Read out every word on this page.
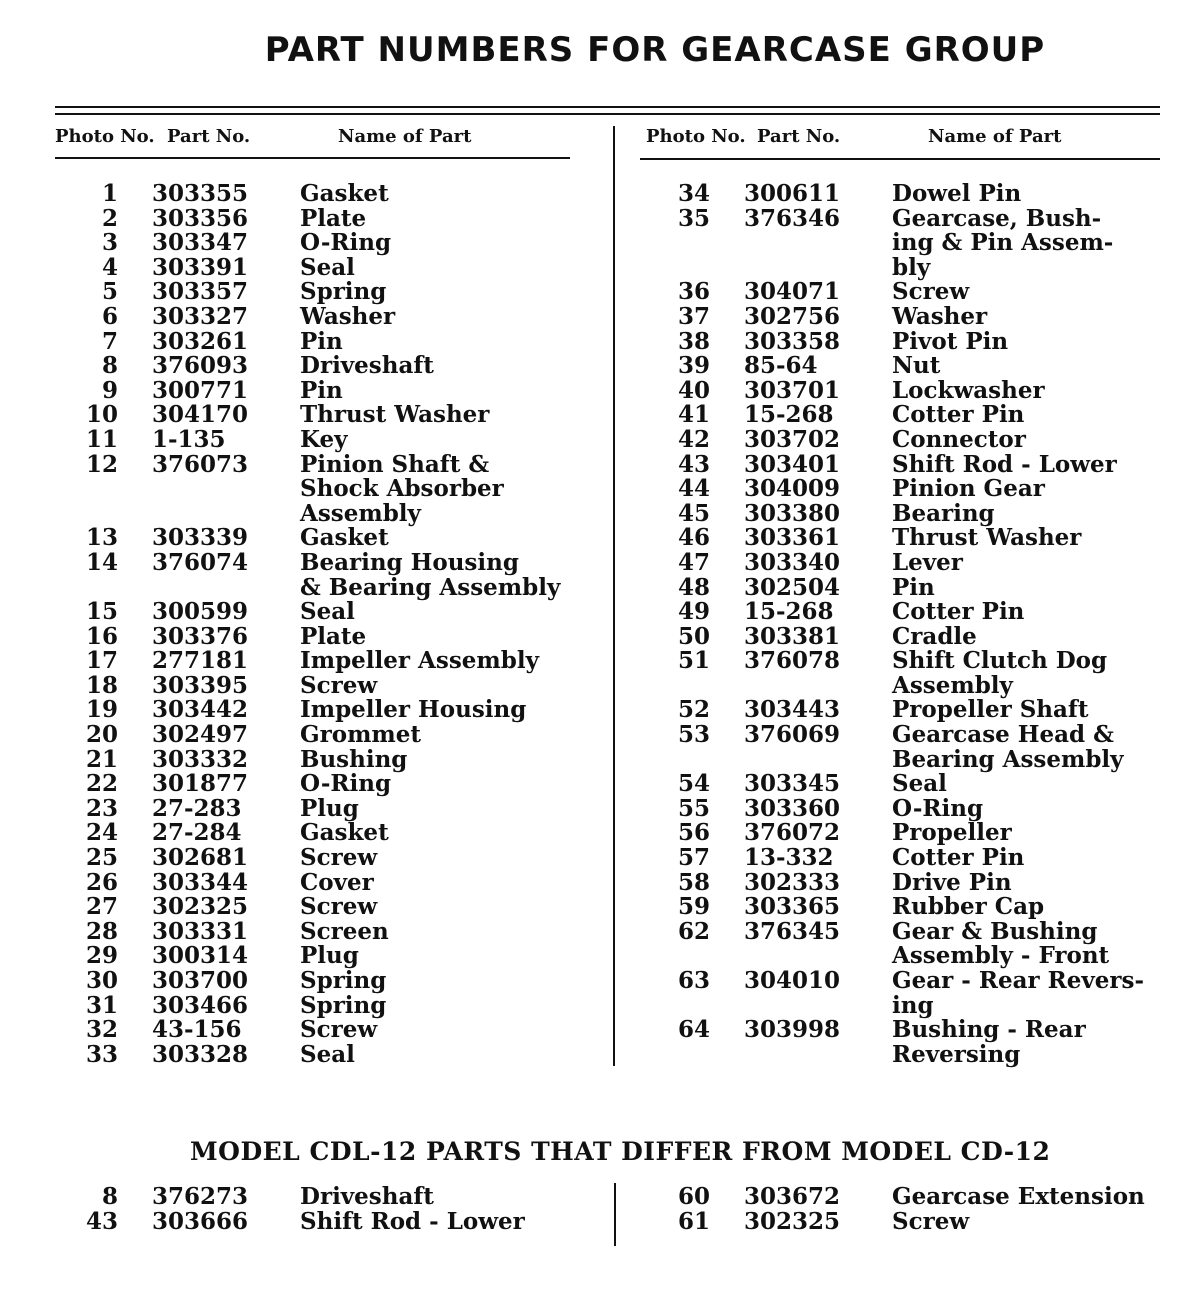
PART NUMBERS FOR GEARCASE GROUP
Photo No. Part No.	Name of Part	Photo No. Part No.	Name of Part
1 303355 Gasket
2 303356 Plate
3 303347 O-Ring
4 303391 Seal
5 303357 Spring
6 303327 Washer
7 303261 Pin
8 376093 Driveshaft
9 300771 Pin
10 304170 Thrust Washer
11 1-135	Key
12 376073 Pinion Shaft &
Shock Absorber
Assembly
13 303339 Gasket
14 376074 Bearing Housing
& Bearing Assembly
15 300599 Seal
16 303376 Plate
17 277181 Impeller Assembly
18 303395 Screw
19 303442 Impeller Housing
20 302497 Grommet
21 303332 Bushing
22 301877 O-Ring
23 27-283	Plug
24 27-284	Gasket
25 302681 Screw
26 303344 Cover
27 302325 Screw
28 303331 Screen
29 300314 Plug
30 303700 Spring
31 303466 Spring
32 43-156	Screw
33 303328 Seal
34 300611 Dowel Pin
35 376346 Gearcase, Bush-
ing & Pin Assem-
bly
36 304071 Screw
37 302756 Washer
38 303358 Pivot Pin
39 85-64	Nut
40 303701 Lockwasher
41 15-268	Cotter Pin
42 303702 Connector
43 303401 Shift Rod - Lower
44 304009 Pinion Gear
45 303380 Bearing
46 303361 Thrust Washer
47 303340 Lever
48 302504 Pin
49 15-268	Cotter Pin
50 303381 Cradle
51 376078 Shift Clutch Dog
Assembly
52 303443 Propeller Shaft
53 376069 Gearcase Head &
Bearing Assembly
54 303345 Seal
55 303360 O-Ring
56 376072 Propeller
57 13-332	Cotter Pin
58 302333 Drive Pin
59 303365 Rubber Cap
62 376345 Gear & Bushing
Assembly - Front
63 304010 Gear - Rear Revers-
ing
64 303998 Bushing - Rear
Reversing
MODEL CDL-12 PARTS THAT DIFFER FROM MODEL CD-12
8 376273 Driveshaft
43 303666 Shift Rod - Lower
60 303672 Gearcase Extension
61 302325 Screw
